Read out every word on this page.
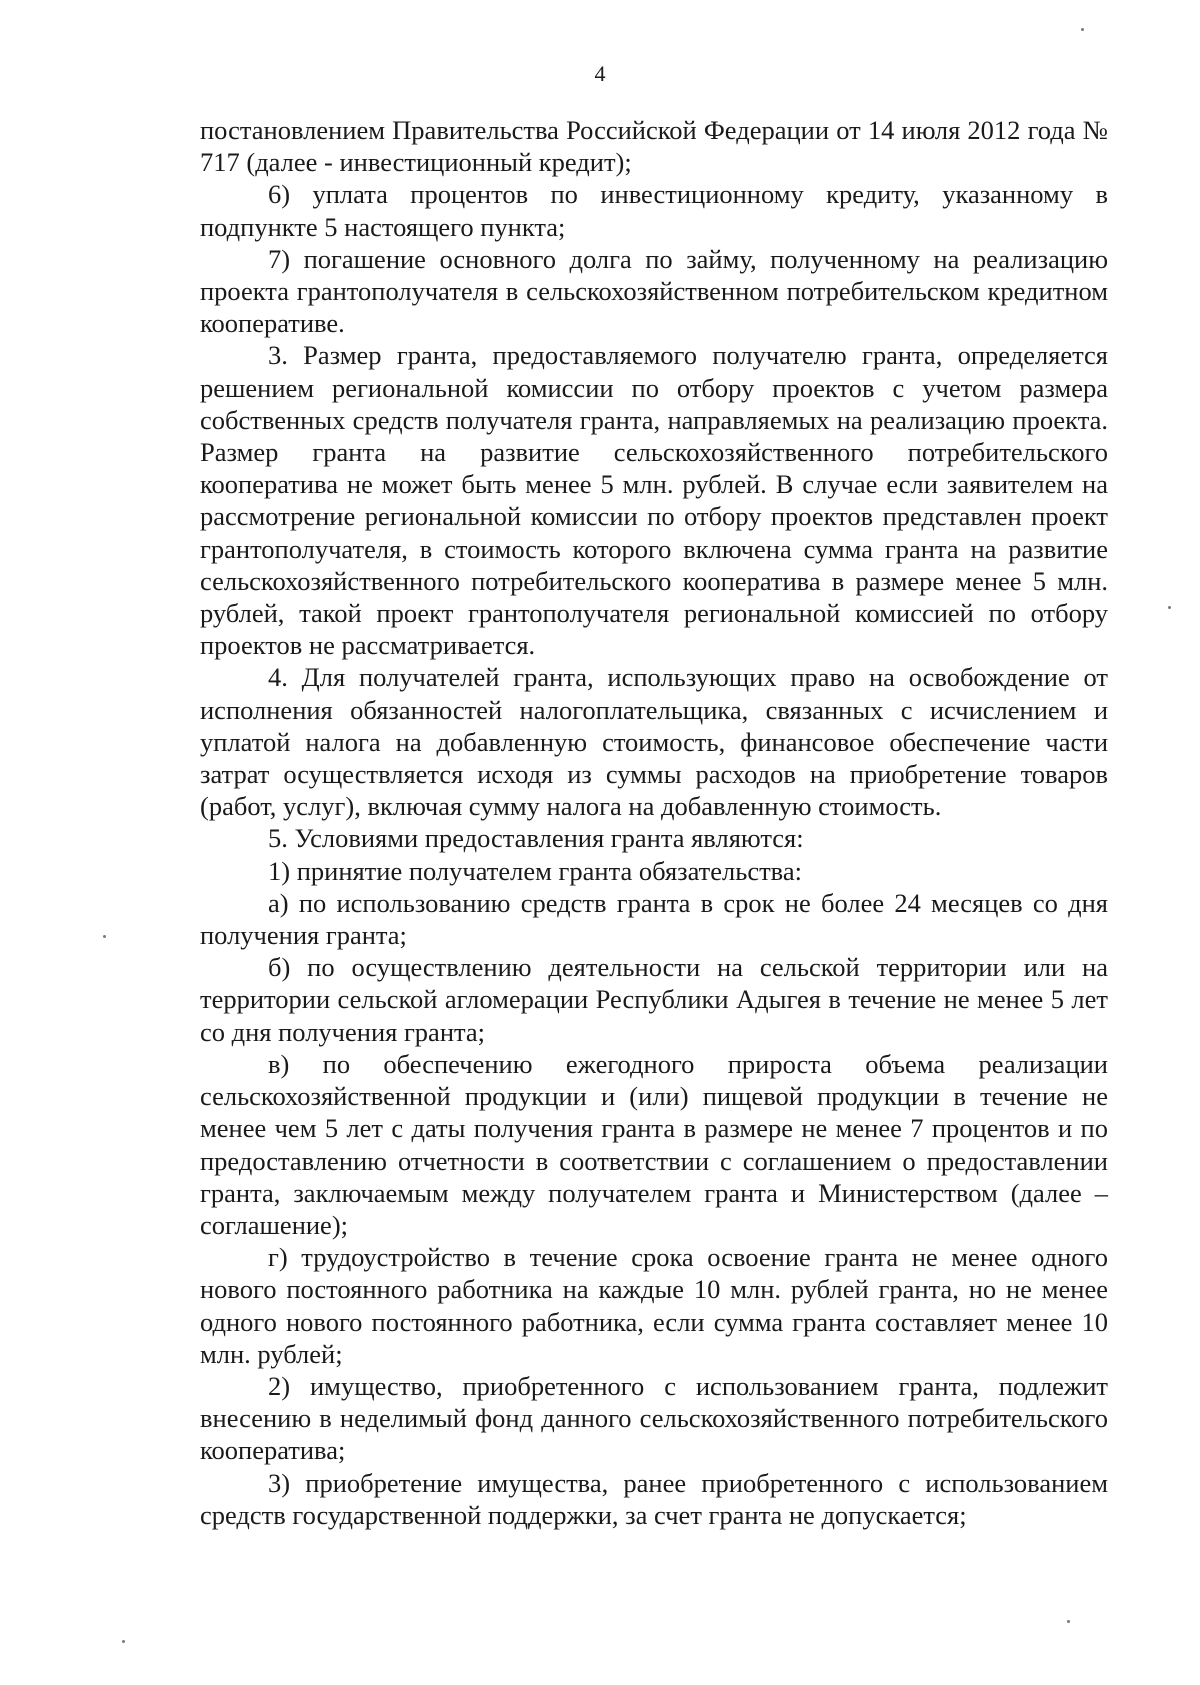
4

постановлением Правительства Российской Федерации от 14 июля 2012 года № 717 (далее - инвестиционный кредит);

6) уплата процентов по инвестиционному кредиту, указанному в подпункте 5 настоящего пункта;

7) погашение основного долга по займу, полученному на реализацию проекта грантополучателя в сельскохозяйственном потребительском кредитном кооперативе.

3. Размер гранта, предоставляемого получателю гранта, определяется решением региональной комиссии по отбору проектов с учетом размера собственных средств получателя гранта, направляемых на реализацию проекта. Размер гранта на развитие сельскохозяйственного потребительского кооператива не может быть менее 5 млн. рублей. В случае если заявителем на рассмотрение региональной комиссии по отбору проектов представлен проект грантополучателя, в стоимость которого включена сумма гранта на развитие сельскохозяйственного потребительского кооператива в размере менее 5 млн. рублей, такой проект грантополучателя региональной комиссией по отбору проектов не рассматривается.

4. Для получателей гранта, использующих право на освобождение от исполнения обязанностей налогоплательщика, связанных с исчислением и уплатой налога на добавленную стоимость, финансовое обеспечение части затрат осуществляется исходя из суммы расходов на приобретение товаров (работ, услуг), включая сумму налога на добавленную стоимость.

5. Условиями предоставления гранта являются:

1) принятие получателем гранта обязательства:

а) по использованию средств гранта в срок не более 24 месяцев со дня получения гранта;

б) по осуществлению деятельности на сельской территории или на территории сельской агломерации Республики Адыгея в течение не менее 5 лет со дня получения гранта;

в) по обеспечению ежегодного прироста объема реализации сельскохозяйственной продукции и (или) пищевой продукции в течение не менее чем 5 лет с даты получения гранта в размере не менее 7 процентов и по предоставлению отчетности в соответствии с соглашением о предоставлении гранта, заключаемым между получателем гранта и Министерством (далее – соглашение);

г) трудоустройство в течение срока освоение гранта не менее одного нового постоянного работника на каждые 10 млн. рублей гранта, но не менее одного нового постоянного работника, если сумма гранта составляет менее 10 млн. рублей;

2) имущество, приобретенного с использованием гранта, подлежит внесению в неделимый фонд данного сельскохозяйственного потребительского кооператива;

3) приобретение имущества, ранее приобретенного с использованием средств государственной поддержки, за счет гранта не допускается;
